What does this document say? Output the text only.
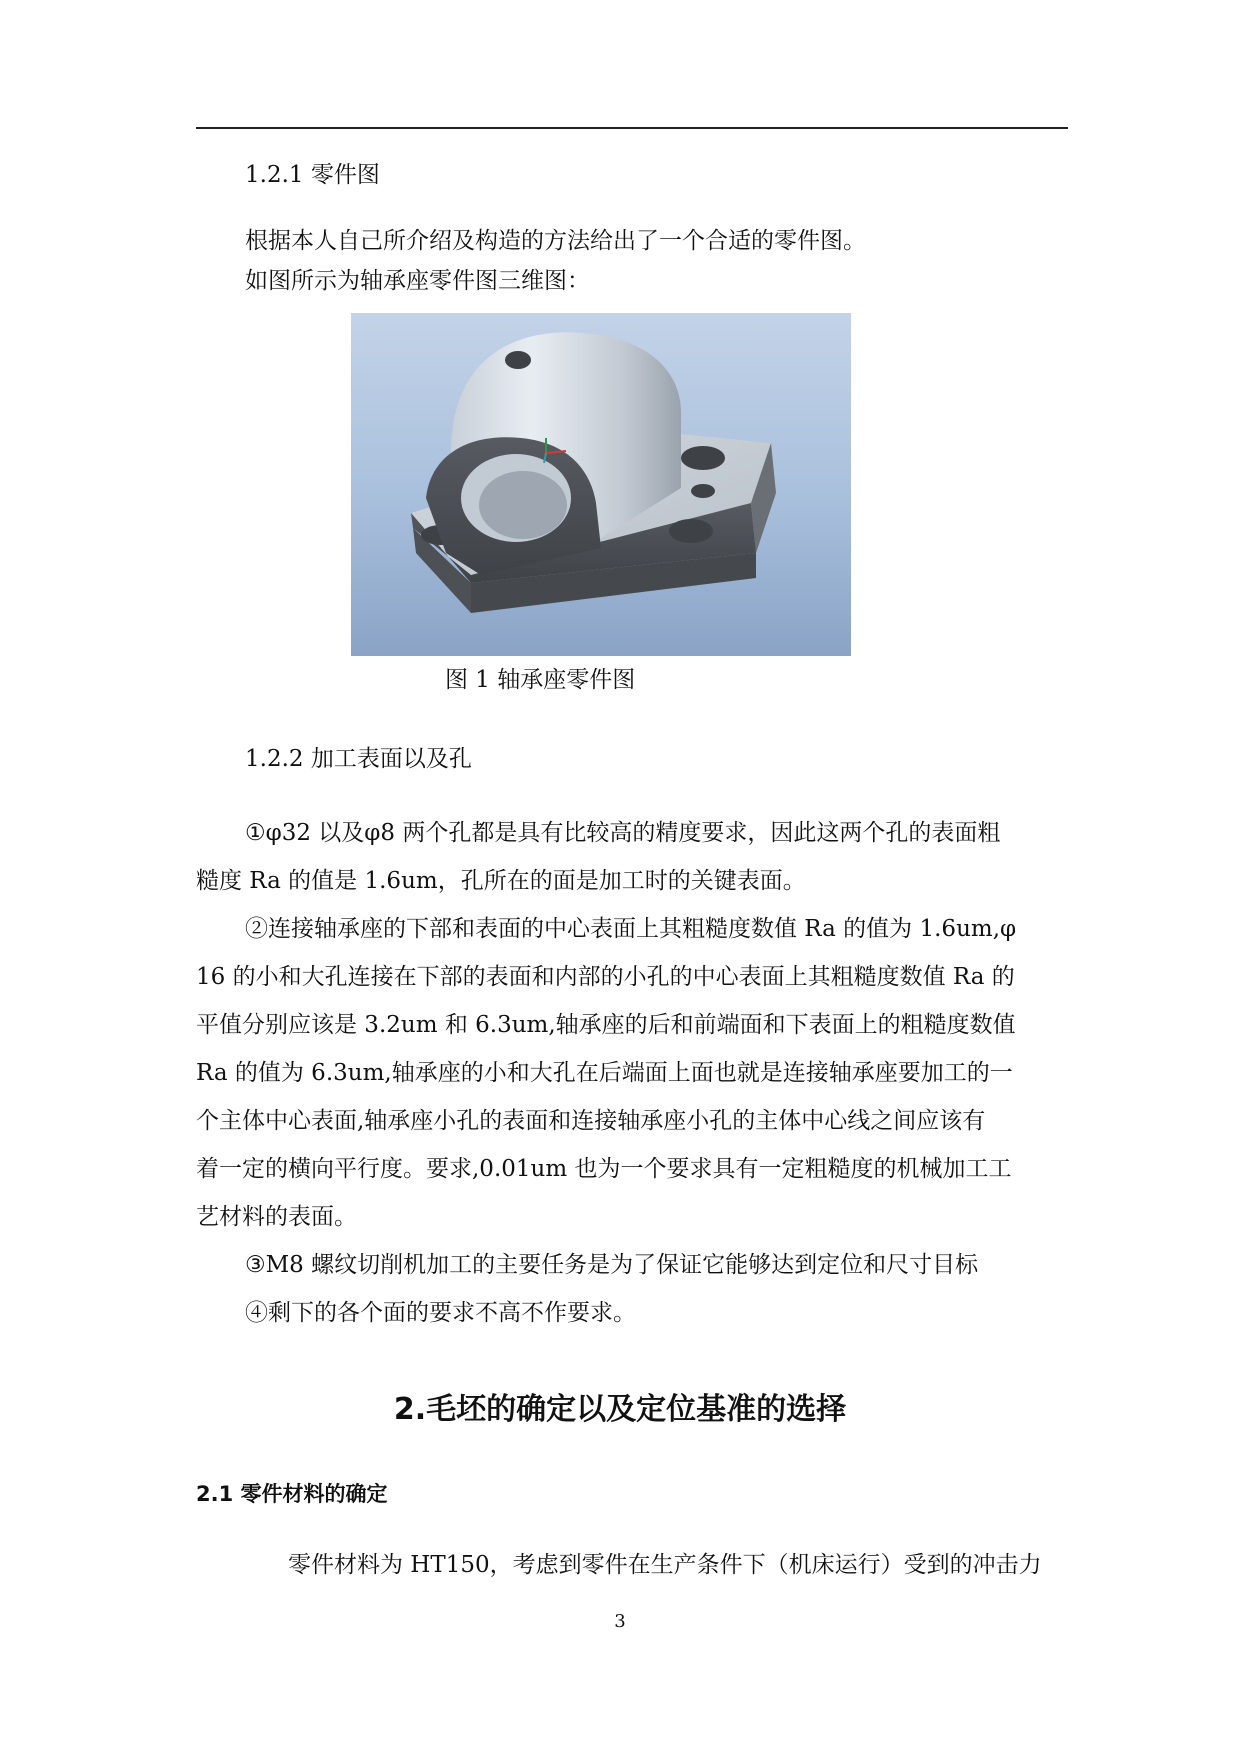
1.2.1 零件图
根据本人自己所介绍及构造的方法给出了一个合适的零件图。
如图所示为轴承座零件图三维图：
图 1 轴承座零件图
1.2.2 加工表面以及孔
①φ32 以及φ8 两个孔都是具有比较高的精度要求，因此这两个孔的表面粗
糙度 Ra 的值是 1.6um，孔所在的面是加工时的关键表面。
②连接轴承座的下部和表面的中心表面上其粗糙度数值 Ra 的值为 1.6um,φ
16 的小和大孔连接在下部的表面和内部的小孔的中心表面上其粗糙度数值 Ra 的
平值分别应该是 3.2um 和 6.3um,轴承座的后和前端面和下表面上的粗糙度数值
Ra 的值为 6.3um,轴承座的小和大孔在后端面上面也就是连接轴承座要加工的一
个主体中心表面,轴承座小孔的表面和连接轴承座小孔的主体中心线之间应该有
着一定的横向平行度。要求,0.01um 也为一个要求具有一定粗糙度的机械加工工
艺材料的表面。
③M8 螺纹切削机加工的主要任务是为了保证它能够达到定位和尺寸目标
④剩下的各个面的要求不高不作要求。
2.毛坯的确定以及定位基准的选择
2.1 零件材料的确定
零件材料为 HT150，考虑到零件在生产条件下（机床运行）受到的冲击力
3
